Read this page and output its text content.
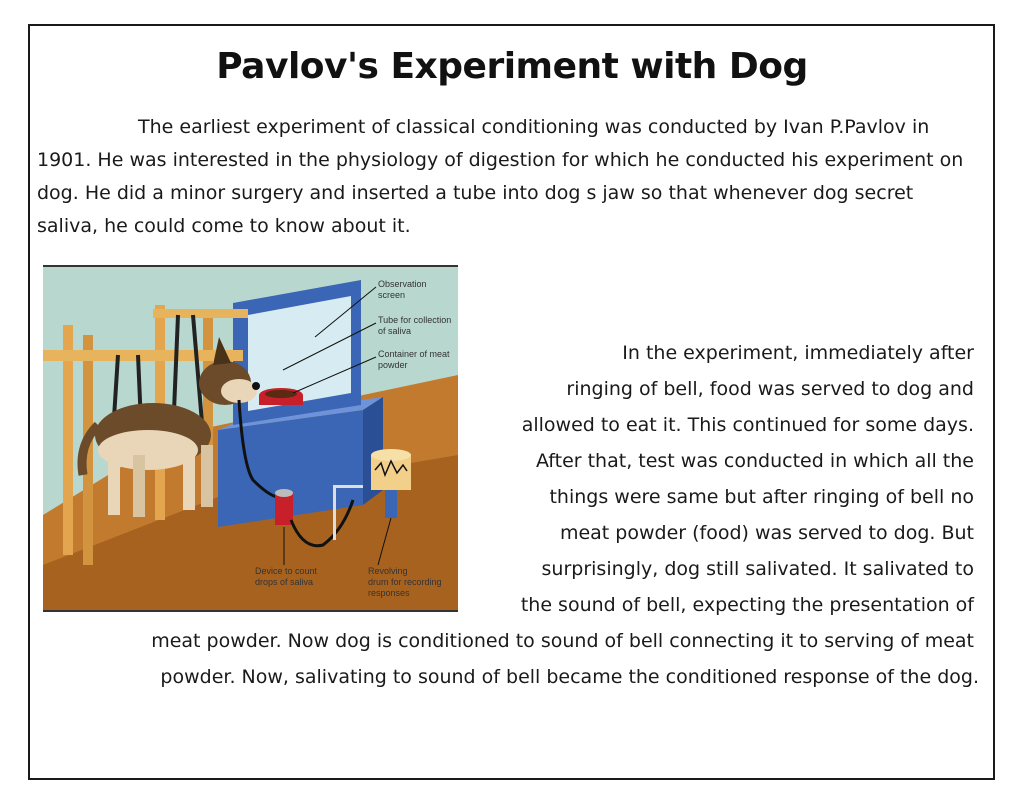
Pavlov's Experiment with Dog
The earliest experiment of classical conditioning was conducted by Ivan P.Pavlov in
1901. He was interested in the physiology of digestion for which he conducted his experiment on
dog. He did a minor surgery and inserted a tube into dog s jaw so that whenever dog secret
saliva, he could come to know about it.
Observation
screen
Tube for collection
of saliva
Container of meat
powder
Device to count
drops of saliva
Revolving
drum for recording
responses
In the experiment, immediately after
ringing of bell, food was served to dog and
allowed to eat it. This continued for some days.
After that, test was conducted in which all the
things were same but after ringing of bell no
meat powder (food) was served to dog. But
surprisingly, dog still salivated. It salivated to
the sound of bell, expecting the presentation of
meat powder. Now dog is conditioned to sound of bell connecting it to serving of meat
powder. Now, salivating to sound of bell became the conditioned response of the dog.
